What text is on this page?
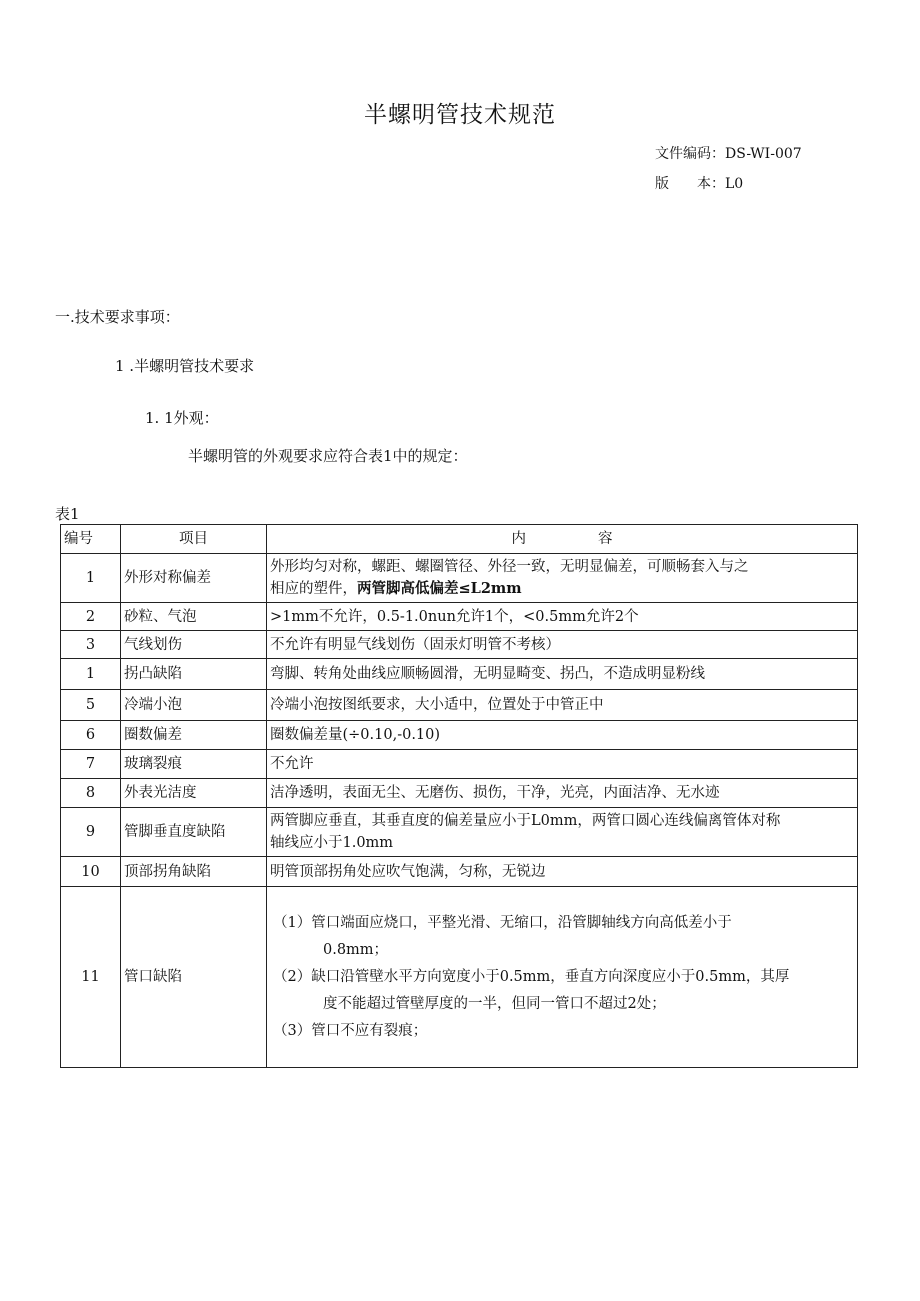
半螺明管技术规范
文件编码：DS-WI-007
版　　本：L0
一.技术要求事项：
1 .半螺明管技术要求
1. 1外观：
半螺明管的外观要求应符合表1中的规定：
表1
编号	项目	内 容
1	外形对称偏差	外形均匀对称，螺距、螺圈管径、外径一致，无明显偏差，可顺畅套入与之
相应的塑件，两管脚高低偏差≤L2mm

2	砂粒、气泡	>1mm不允许，0.5-1.0nun允许1个，<0.5mm允许2个
3	气线划伤	不允许有明显气线划伤（固汞灯明管不考核）
1	拐凸缺陷	弯脚、转角处曲线应顺畅圆滑，无明显畸变、拐凸，不造成明显粉线
5	冷端小泡	冷端小泡按图纸要求，大小适中，位置处于中管正中
6	圈数偏差	圈数偏差量(÷0.10,-0.10)
7	玻璃裂痕	不允许
8	外表光洁度	洁净透明，表面无尘、无磨伤、损伤，干净，光亮，内面洁净、无水迹
9	管脚垂直度缺陷	两管脚应垂直，其垂直度的偏差量应小于L0mm，两管口圆心连线偏离管体对称
轴线应小于1.0mm

10	顶部拐角缺陷	明管顶部拐角处应吹气饱满，匀称，无锐边
11	管口缺陷	（1）管口端面应烧口，平整光滑、无缩口，沿管脚轴线方向高低差小于
0.8mm；
（2）缺口沿管壁水平方向宽度小于0.5mm，垂直方向深度应小于0.5mm，其厚
度不能超过管壁厚度的一半，但同一管口不超过2处；
（3）管口不应有裂痕；
